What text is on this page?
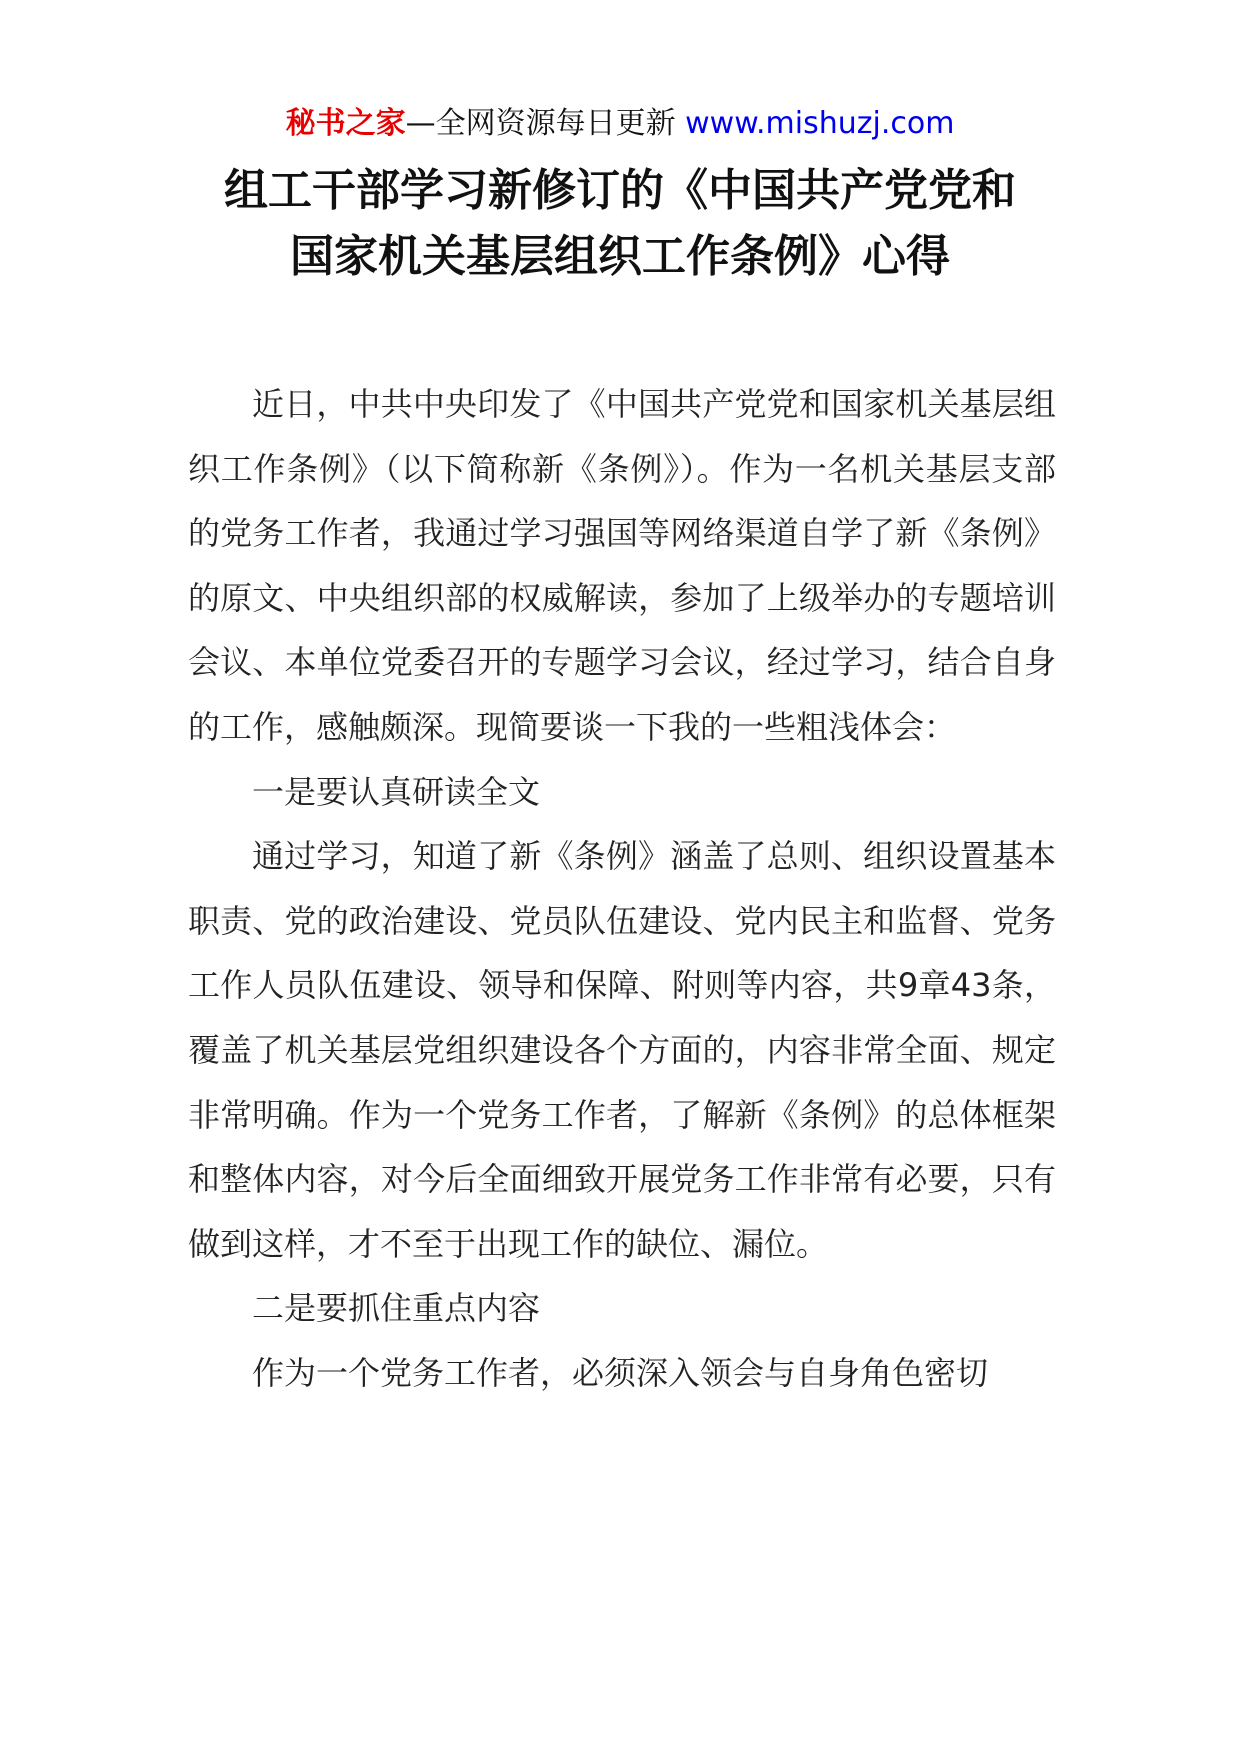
秘书之家—全网资源每日更新 www.mishuzj.com
组工干部学习新修订的《中国共产党党和
国家机关基层组织工作条例》心得

近日，中共中央印发了《中国共产党党和国家机关基层组织工作条例》（以下简称新《条例》）。作为一名机关基层支部的党务工作者，我通过学习强国等网络渠道自学了新《条例》的原文、中央组织部的权威解读，参加了上级举办的专题培训会议、本单位党委召开的专题学习会议，经过学习，结合自身的工作，感触颇深。现简要谈一下我的一些粗浅体会：

一是要认真研读全文

通过学习，知道了新《条例》涵盖了总则、组织设置基本职责、党的政治建设、党员队伍建设、党内民主和监督、党务工作人员队伍建设、领导和保障、附则等内容，共9章43条，覆盖了机关基层党组织建设各个方面的，内容非常全面、规定非常明确。作为一个党务工作者，了解新《条例》的总体框架和整体内容，对今后全面细致开展党务工作非常有必要，只有做到这样，才不至于出现工作的缺位、漏位。

二是要抓住重点内容

作为一个党务工作者，必须深入领会与自身角色密切
